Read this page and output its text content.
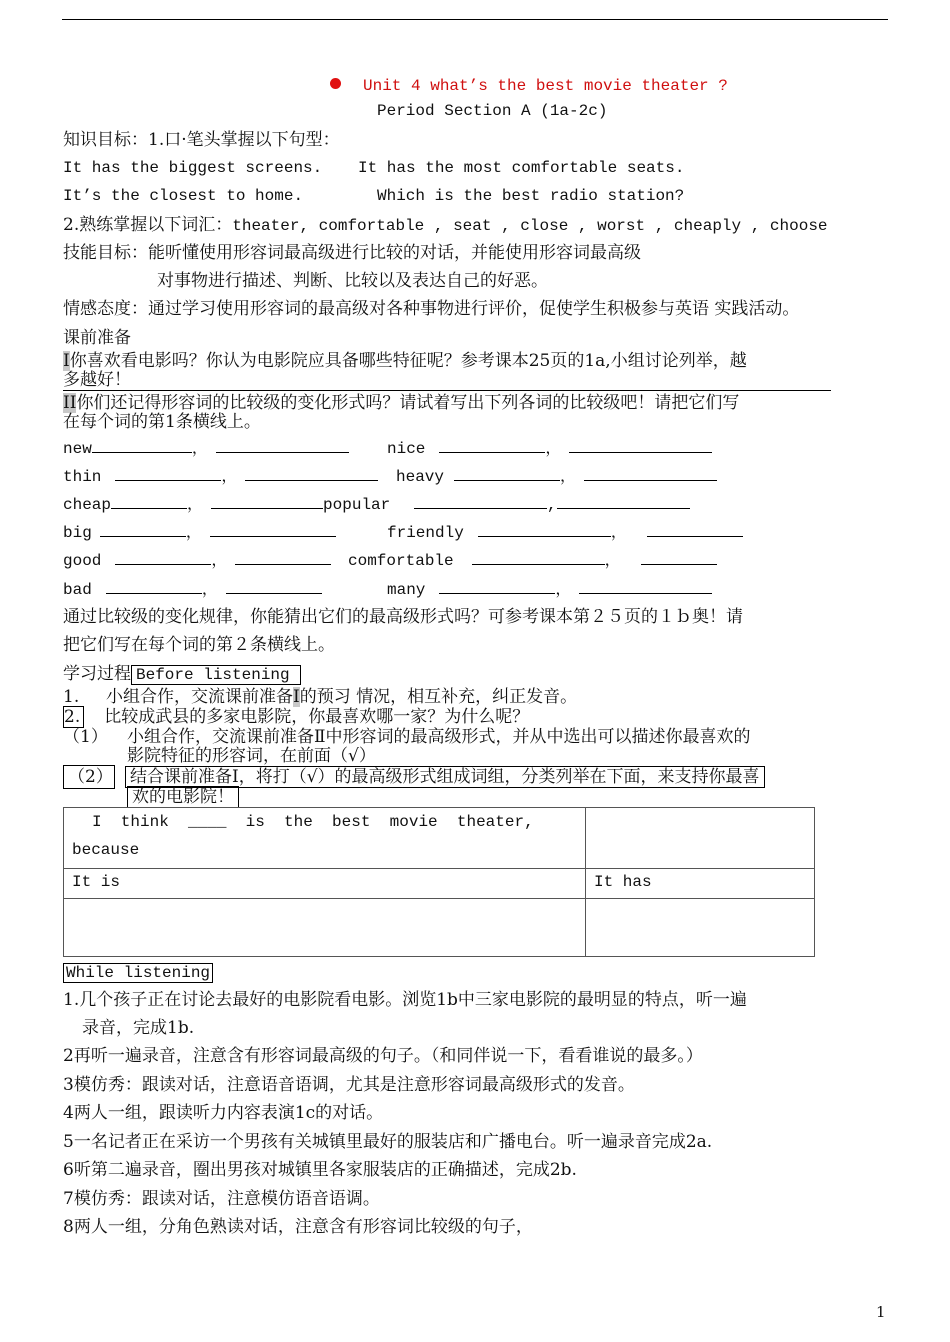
Unit 4 what’s the best movie theater ?
Period Section A (1a-2c)
知识目标：1.口·笔头掌握以下句型：
It has the biggest screens. It has the most comfortable seats.
It’s the closest to home.	Which is the best radio station?
2.熟练掌握以下词汇：theater, comfortable , seat , close , worst , cheaply , choose
技能目标：能听懂使用形容词最高级进行比较的对话，并能使用形容词最高级
对事物进行描述、判断、比较以及表达自己的好恶。
情感态度：通过学习使用形容词的最高级对各种事物进行评价，促使学生积极参与英语 实践活动。
课前准备
I你喜欢看电影吗？你认为电影院应具备哪些特征呢？参考课本25页的1a,小组讨论列举，越
多越好！
II你们还记得形容词的比较级的变化形式吗？请试着写出下列各词的比较级吧！请把它们写
在每个词的第1条横线上。
new	，	nice	，
thin	，	heavy	，
cheap	，	popular	,
big	，	friendly	，
good	，	comfortable	，
bad	，	many	，
通过比较级的变化规律，你能猜出它们的最高级形式吗？可参考课本第２５页的１ｂ奥！请
把它们写在每个词的第２条横线上。
学习过程 Before listening
1. 小组合作，交流课前准备I的预习 情况，相互补充，纠正发音。
2. 比较成武县的多家电影院，你最喜欢哪一家？为什么呢？
（1） 小组合作，交流课前准备Ⅱ中形容词的最高级形式，并从中选出可以描述你最喜欢的
影院特征的形容词，在前面（√）
（2） 结合课前准备Ⅰ，将打（√）的最高级形式组成词组，分类列举在下面，来支持你最喜
欢的电影院！
I  think  ____  is  the  best  movie  theater,
because	

It is	It has

While listening
1.几个孩子正在讨论去最好的电影院看电影。浏览1b中三家电影院的最明显的特点，听一遍
录音，完成1b.
2再听一遍录音，注意含有形容词最高级的句子。（和同伴说一下，看看谁说的最多。）
3模仿秀：跟读对话，注意语音语调，尤其是注意形容词最高级形式的发音。
4两人一组，跟读听力内容表演1c的对话。
5一名记者正在采访一个男孩有关城镇里最好的服装店和广播电台。听一遍录音完成2a.
6听第二遍录音，圈出男孩对城镇里各家服装店的正确描述，完成2b.
7模仿秀：跟读对话，注意模仿语音语调。
8两人一组，分角色熟读对话，注意含有形容词比较级的句子，
1
